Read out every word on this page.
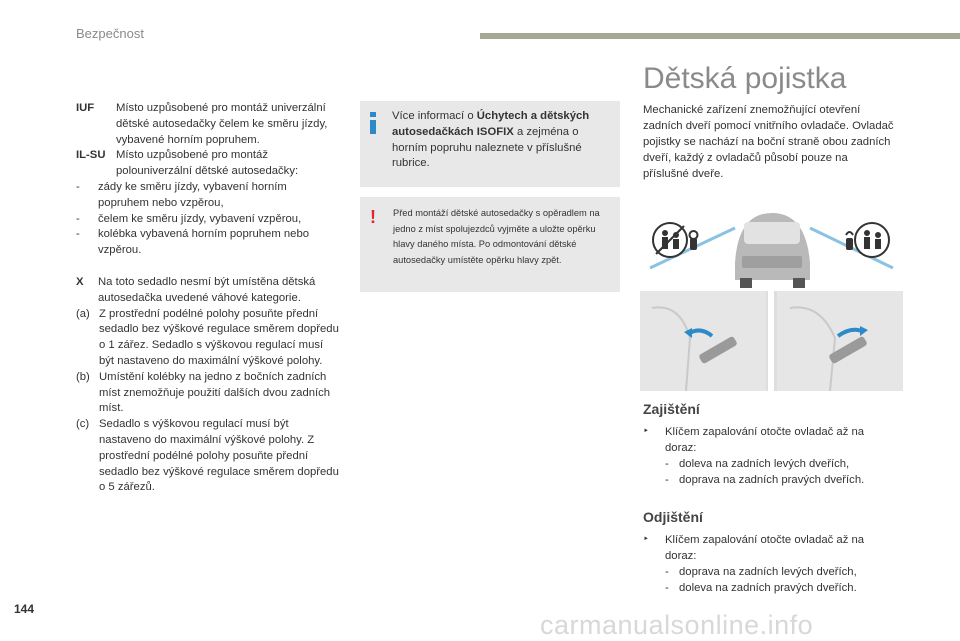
Bezpečnost
IUF	Místo uzpůsobené pro montáž univerzální dětské autosedačky čelem ke směru jízdy, vybavené horním popruhem.
IL-SU Místo uzpůsobené pro montáž polouniverzální dětské autosedačky:
-	zády ke směru jízdy, vybavení horním popruhem nebo vzpěrou,
-	čelem ke směru jízdy, vybavení vzpěrou,
-	kolébka vybavená horním popruhem nebo vzpěrou.
X	Na toto sedadlo nesmí být umístěna dětská autosedačka uvedené váhové kategorie.
(a) Z prostřední podélné polohy posuňte přední sedadlo bez výškové regulace směrem dopředu o 1 zářez. Sedadlo s výškovou regulací musí být nastaveno do maximální výškové polohy.
(b) Umístění kolébky na jedno z bočních zadních míst znemožňuje použití dalších dvou zadních míst.
(c) Sedadlo s výškovou regulací musí být nastaveno do maximální výškové polohy. Z prostřední podélné polohy posuňte přední sedadlo bez výškové regulace směrem dopředu o 5 zářezů.
Více informací o Úchytech a dětských autosedačkách ISOFIX a zejména o horním popruhu naleznete v příslušné rubrice.
! Před montáží dětské autosedačky s opěradlem na jedno z míst spolujezdců vyjměte a uložte opěrku hlavy daného místa. Po odmontování dětské autosedačky umístěte opěrku hlavy zpět.
Dětská pojistka
Mechanické zařízení znemožňující otevření zadních dveří pomocí vnitřního ovladače. Ovladač pojistky se nachází na boční straně obou zadních dveří, každý z ovladačů působí pouze na příslušné dveře.
Zajištění
‣	Klíčem zapalování otočte ovladač až na doraz:
- doleva na zadních levých dveřích,
- doprava na zadních pravých dveřích.
Odjištění
‣	Klíčem zapalování otočte ovladač až na doraz:
- doprava na zadních levých dveřích,
- doleva na zadních pravých dveřích.
144
carmanualsonline.info
